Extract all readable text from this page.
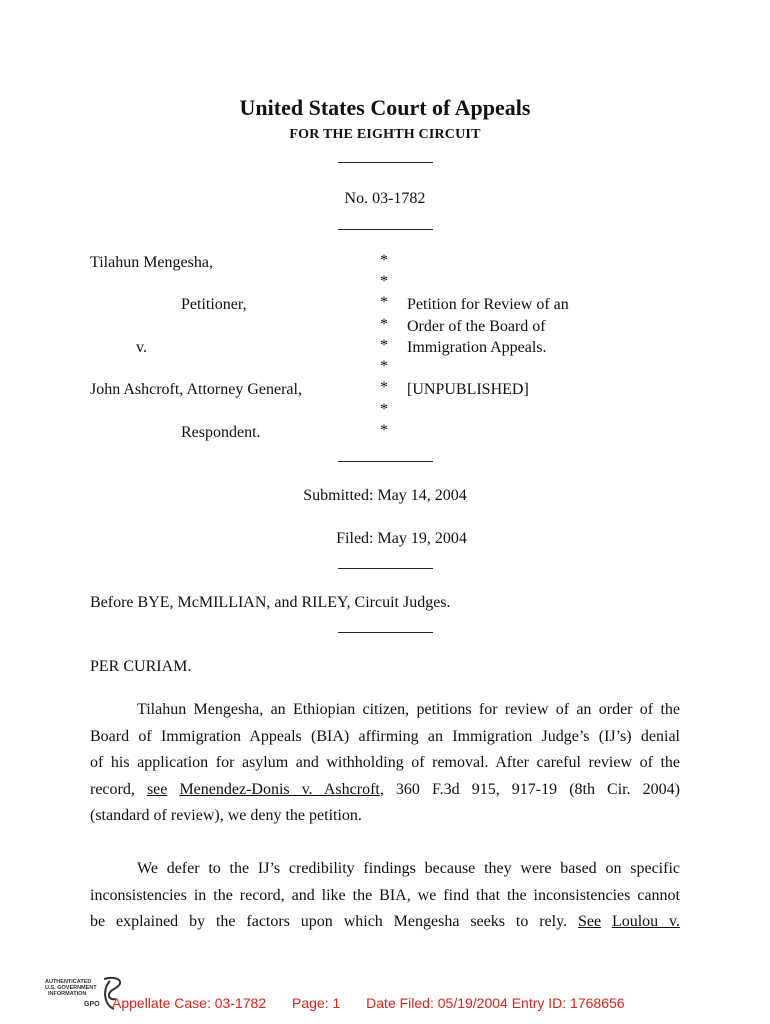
United States Court of Appeals
FOR THE EIGHTH CIRCUIT
No. 03-1782
Tilahun Mengesha,
Petitioner,
v.
John Ashcroft, Attorney General,
Respondent.
*
*
*
*
*
*
*
*
*
Petition for Review of an
Order of the Board of
Immigration Appeals.
[UNPUBLISHED]
Submitted: May 14, 2004
Filed: May 19, 2004
Before BYE, McMILLIAN, and RILEY, Circuit Judges.
PER CURIAM.
Tilahun Mengesha, an Ethiopian citizen, petitions for review of an order of the
Board of Immigration Appeals (BIA) affirming an Immigration Judge’s (IJ’s) denial
of his application for asylum and withholding of removal. After careful review of the
record, see Menendez-Donis v. Ashcroft, 360 F.3d 915, 917-19 (8th Cir. 2004)
(standard of review), we deny the petition.
We defer to the IJ’s credibility findings because they were based on specific
inconsistencies in the record, and like the BIA, we find that the inconsistencies cannot
be explained by the factors upon which Mengesha seeks to rely. See Loulou v.
AUTHENTICATED
U.S. GOVERNMENT
INFORMATION
GPO Appellate Case: 03-1782 Page: 1 Date Filed: 05/19/2004 Entry ID: 1768656
